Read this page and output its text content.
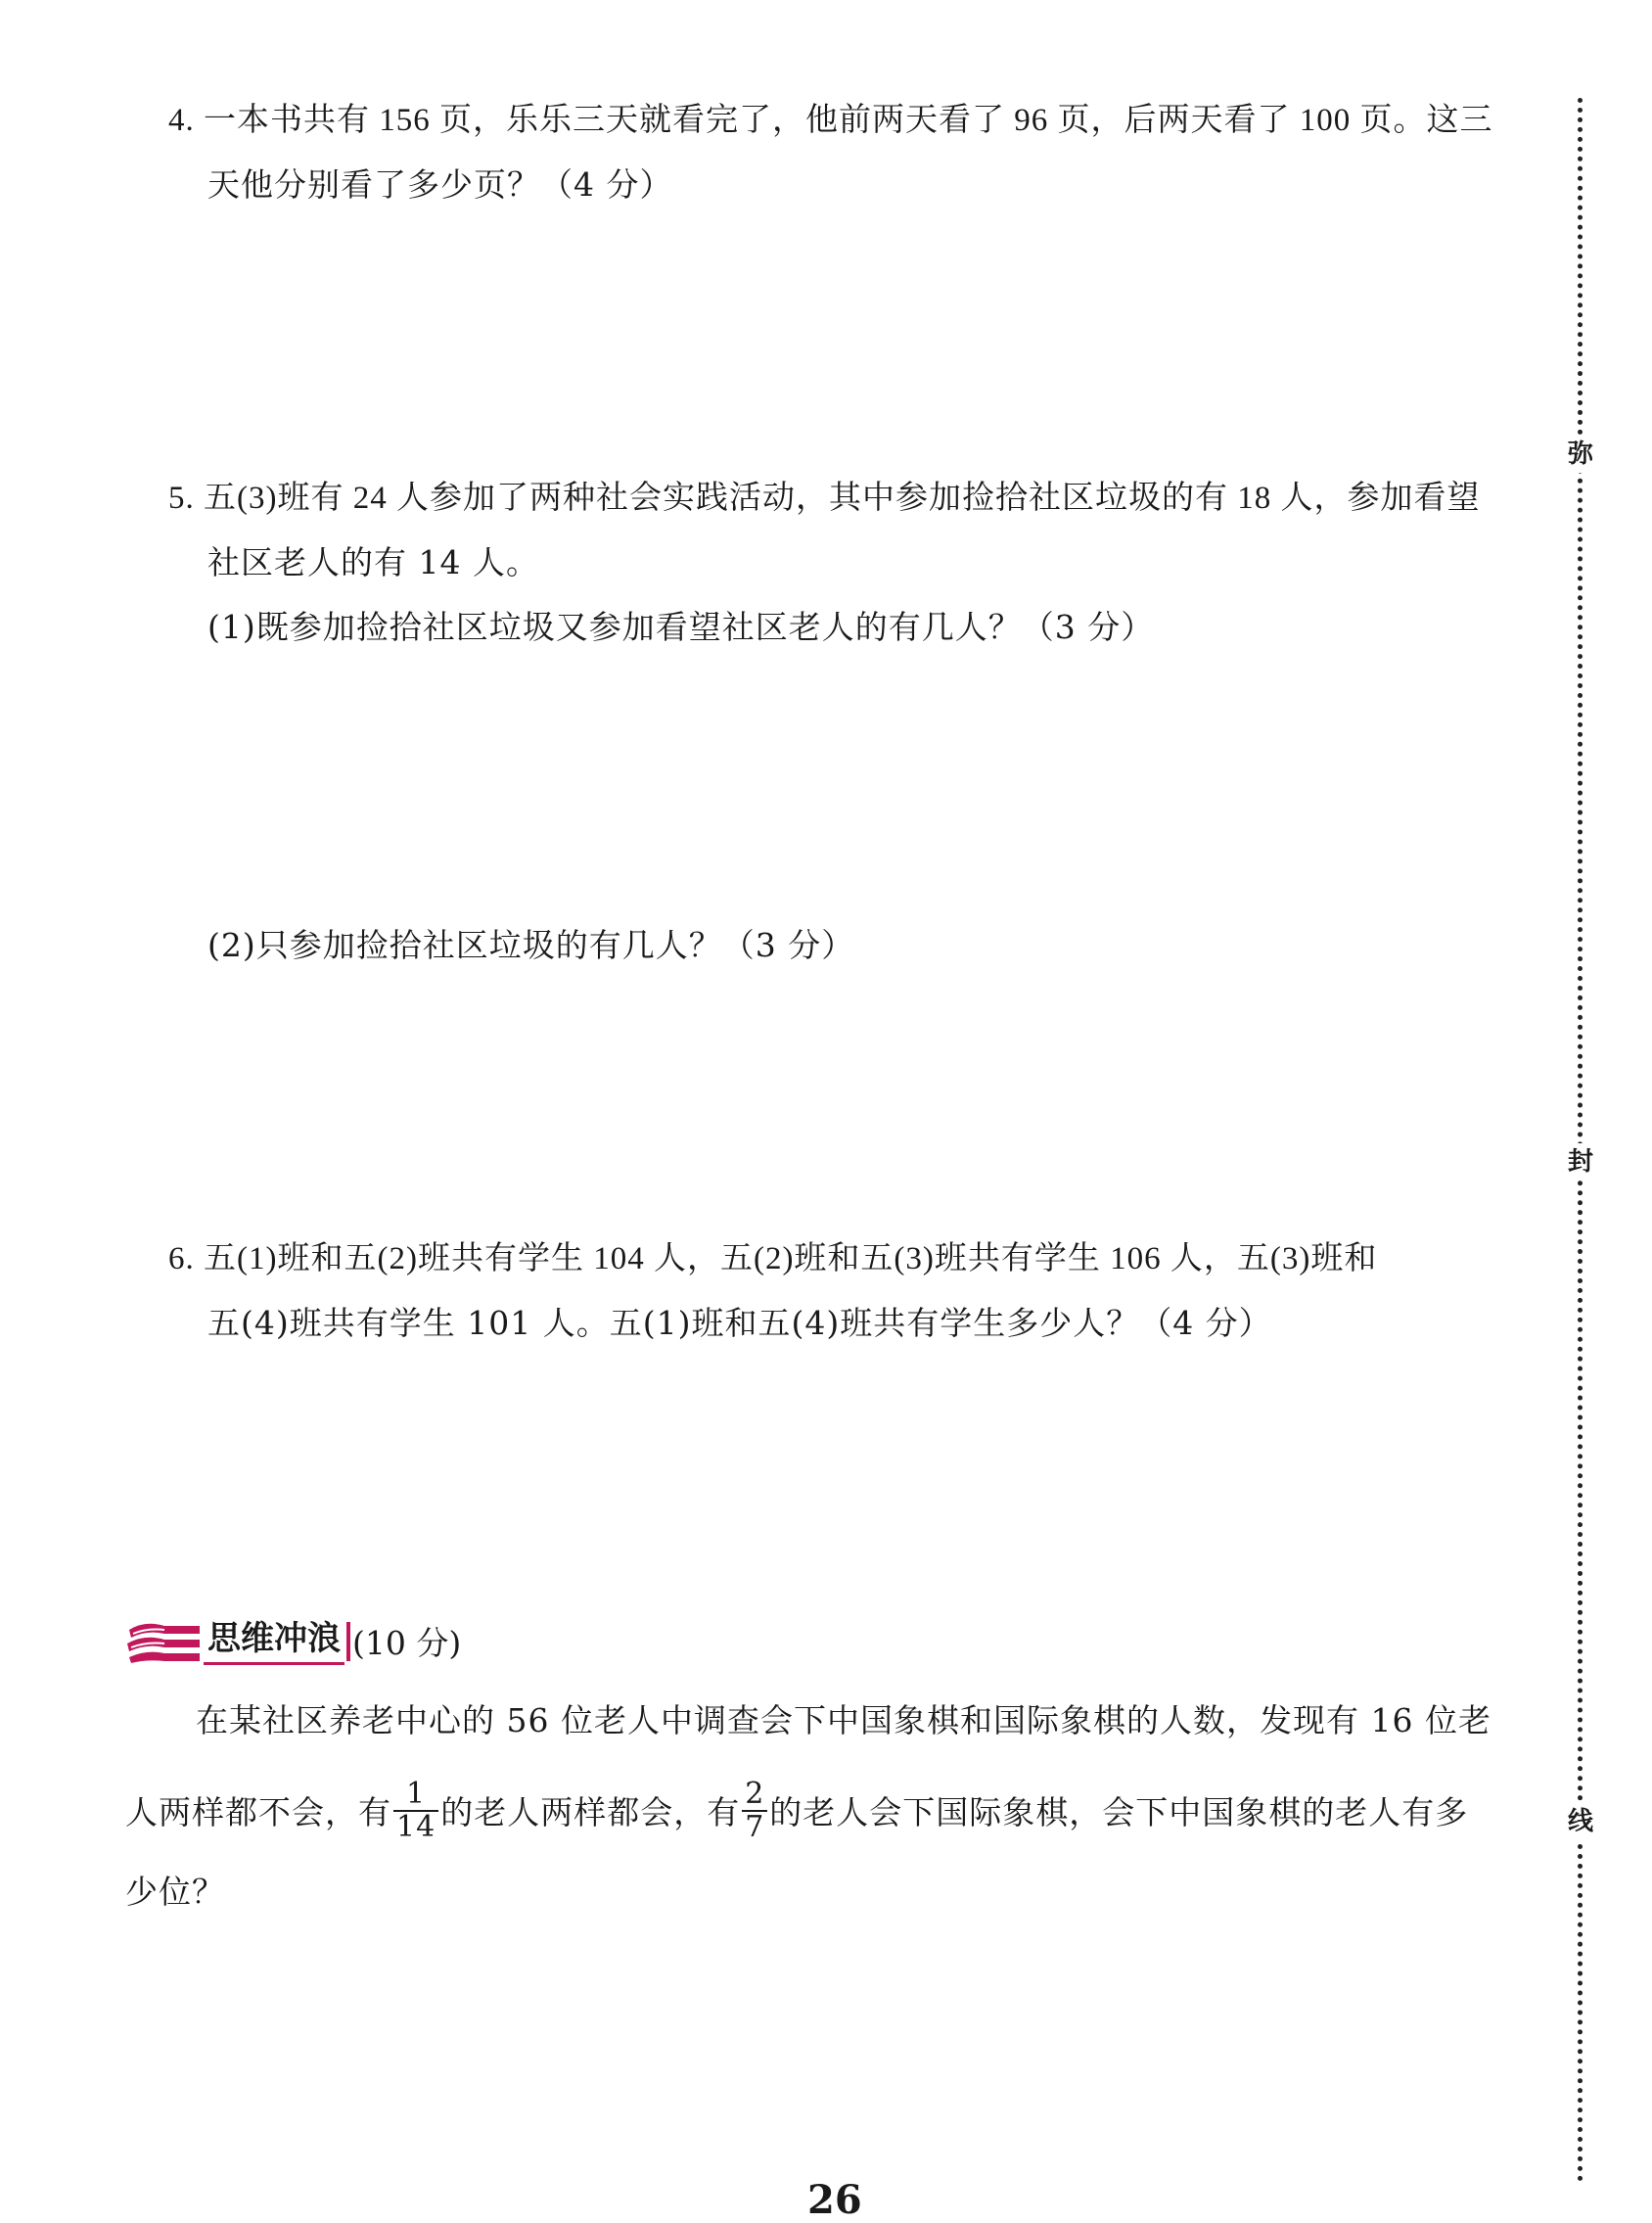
4. 一本书共有 156 页，乐乐三天就看完了，他前两天看了 96 页，后两天看了 100 页。这三
天他分别看了多少页？（4 分）
5. 五(3)班有 24 人参加了两种社会实践活动，其中参加捡拾社区垃圾的有 18 人，参加看望
社区老人的有 14 人。
(1)既参加捡拾社区垃圾又参加看望社区老人的有几人？（3 分）
(2)只参加捡拾社区垃圾的有几人？（3 分）
6. 五(1)班和五(2)班共有学生 104 人，五(2)班和五(3)班共有学生 106 人，五(3)班和
五(4)班共有学生 101 人。五(1)班和五(4)班共有学生多少人？（4 分）
思维冲浪 (10 分)
在某社区养老中心的 56 位老人中调查会下中国象棋和国际象棋的人数，发现有 16 位老
人两样都不会，有 $\frac{1}{14}$ 的老人两样都会，有 $\frac{2}{7}$ 的老人会下国际象棋，会下中国象棋的老人有多
少位？
弥
封
线
26
